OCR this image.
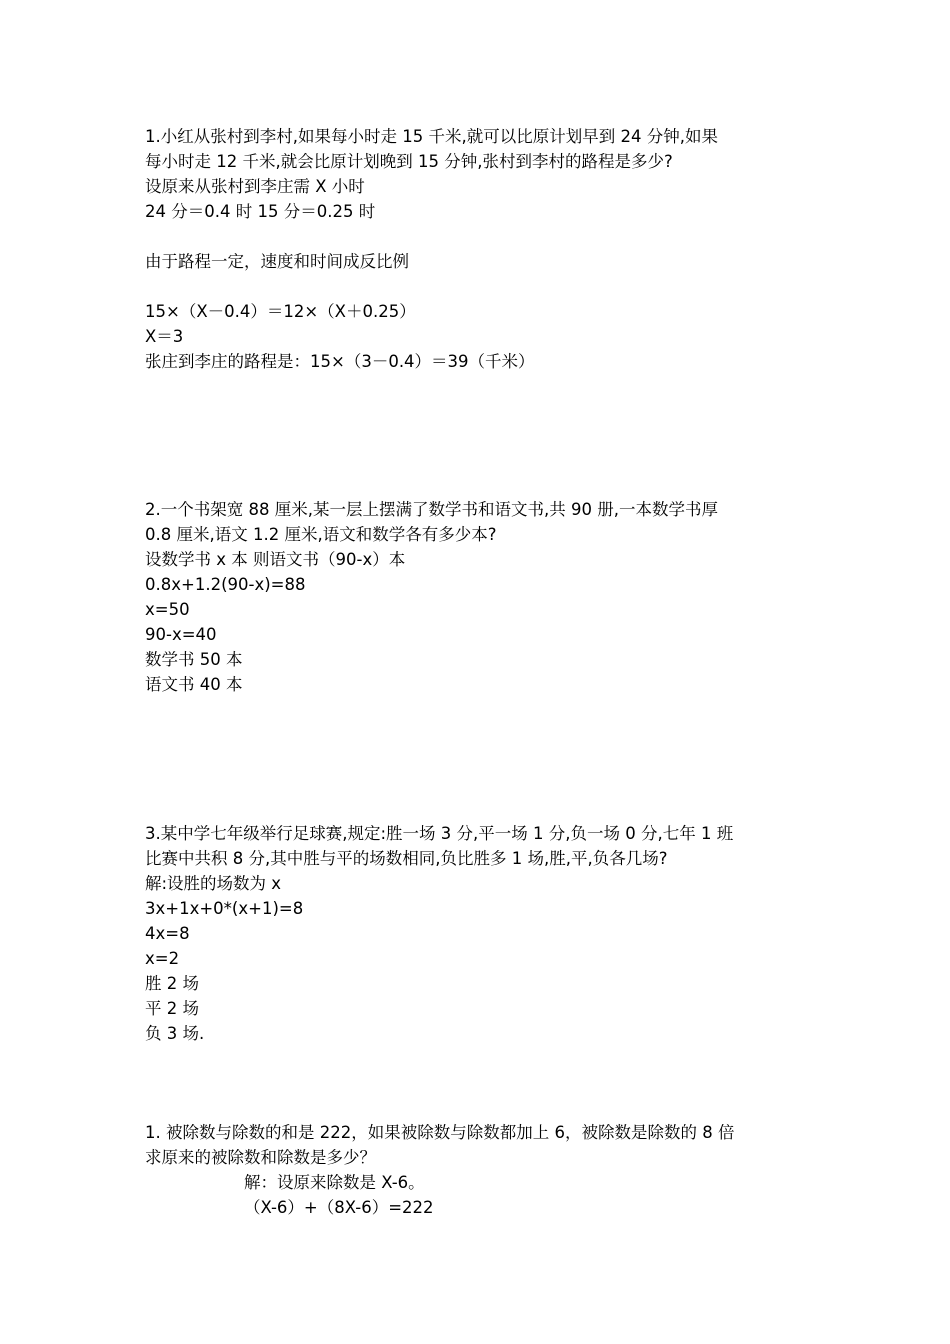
1.小红从张村到李村,如果每小时走 15 千米,就可以比原计划早到 24 分钟,如果
每小时走 12 千米,就会比原计划晚到 15 分钟,张村到李村的路程是多少?
设原来从张村到李庄需 X 小时
24 分＝0.4 时 15 分＝0.25 时
由于路程一定，速度和时间成反比例
15×（X－0.4）＝12×（X＋0.25）
X＝3
张庄到李庄的路程是：15×（3－0.4）＝39（千米）
2.一个书架宽 88 厘米,某一层上摆满了数学书和语文书,共 90 册,一本数学书厚
0.8 厘米,语文 1.2 厘米,语文和数学各有多少本?
设数学书 x 本 则语文书（90-x）本
0.8x+1.2(90-x)=88
x=50
90-x=40
数学书 50 本
语文书 40 本
3.某中学七年级举行足球赛,规定:胜一场 3 分,平一场 1 分,负一场 0 分,七年 1 班
比赛中共积 8 分,其中胜与平的场数相同,负比胜多 1 场,胜,平,负各几场?
解:设胜的场数为 x
3x+1x+0*(x+1)=8
4x=8
x=2
胜 2 场
平 2 场
负 3 场.
1. 被除数与除数的和是 222，如果被除数与除数都加上 6，被除数是除数的 8 倍
求原来的被除数和除数是多少？
解：设原来除数是 X-6。
（X-6）+（8X-6）=222
